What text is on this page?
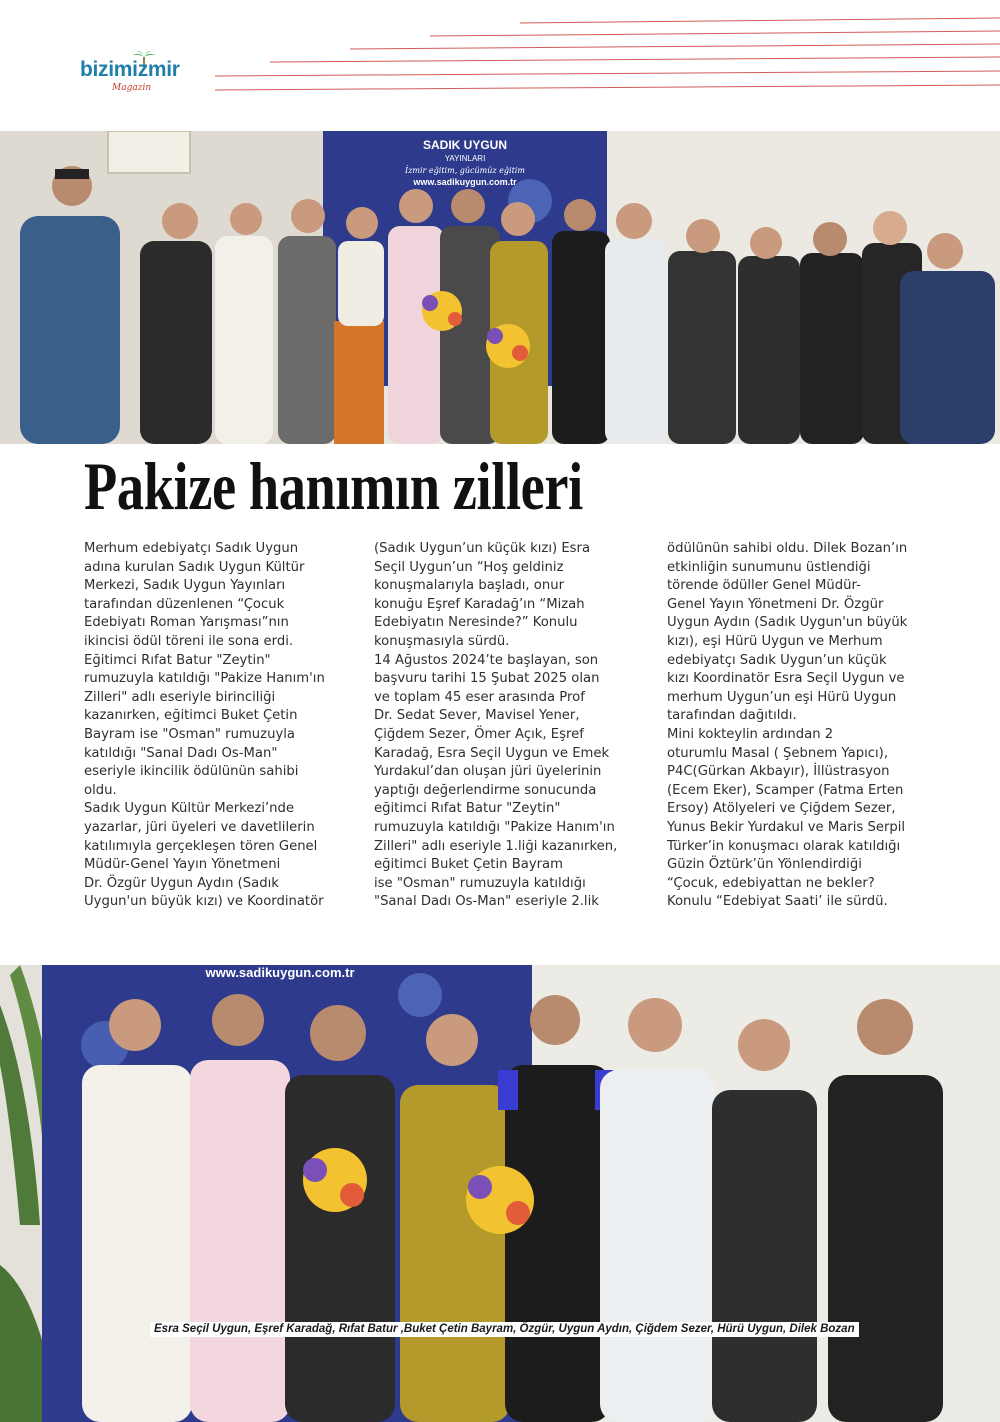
bizimizmir
Magazin
SADIK UYGUN
YAYINLARI
İzmir eğitim, gücümüz eğitim
www.sadikuygun.com.tr
Pakize hanımın zilleri
Merhum edebiyatçı Sadık Uygun
adına kurulan Sadık Uygun Kültür
Merkezi, Sadık Uygun Yayınları
tarafından düzenlenen “Çocuk
Edebiyatı Roman Yarışması”nın
ikincisi ödül töreni ile sona erdi.
Eğitimci Rıfat Batur "Zeytin"
rumuzuyla katıldığı "Pakize Hanım'ın
Zilleri" adlı eseriyle birinciliği
kazanırken, eğitimci Buket Çetin
Bayram ise "Osman" rumuzuyla
katıldığı "Sanal Dadı Os-Man"
eseriyle ikincilik ödülünün sahibi
oldu.
Sadık Uygun Kültür Merkezi’nde
yazarlar, jüri üyeleri ve davetlilerin
katılımıyla gerçekleşen tören Genel
Müdür-Genel Yayın Yönetmeni
Dr. Özgür Uygun Aydın (Sadık
Uygun'un büyük kızı) ve Koordinatör
(Sadık Uygun’un küçük kızı) Esra
Seçil Uygun’un “Hoş geldiniz
konuşmalarıyla başladı, onur
konuğu Eşref Karadağ’ın “Mizah
Edebiyatın Neresinde?” Konulu
konuşmasıyla sürdü.
14 Ağustos 2024’te başlayan, son
başvuru tarihi 15 Şubat 2025 olan
ve toplam 45 eser arasında Prof
Dr. Sedat Sever, Mavisel Yener,
Çiğdem Sezer, Ömer Açık, Eşref
Karadağ, Esra Seçil Uygun ve Emek
Yurdakul’dan oluşan jüri üyelerinin
yaptığı değerlendirme sonucunda
eğitimci Rıfat Batur "Zeytin"
rumuzuyla katıldığı "Pakize Hanım'ın
Zilleri" adlı eseriyle 1.liği kazanırken,
eğitimci Buket Çetin Bayram
ise "Osman" rumuzuyla katıldığı
"Sanal Dadı Os-Man" eseriyle 2.lik
ödülünün sahibi oldu. Dilek Bozan’ın
etkinliğin sunumunu üstlendiği
törende ödüller Genel Müdür-
Genel Yayın Yönetmeni Dr. Özgür
Uygun Aydın (Sadık Uygun'un büyük
kızı), eşi Hürü Uygun ve Merhum
edebiyatçı Sadık Uygun’un küçük
kızı Koordinatör Esra Seçil Uygun ve
merhum Uygun’un eşi Hürü Uygun
tarafından dağıtıldı.
Mini kokteylin ardından 2
oturumlu Masal ( Şebnem Yapıcı),
P4C(Gürkan Akbayır), İllüstrasyon
(Ecem Eker), Scamper (Fatma Erten
Ersoy) Atölyeleri ve Çiğdem Sezer,
Yunus Bekir Yurdakul ve Maris Serpil
Türker’in konuşmacı olarak katıldığı
Güzin Öztürk’ün Yönlendirdiği
“Çocuk, edebiyattan ne bekler?
Konulu “Edebiyat Saati’ ile sürdü.
www.sadikuygun.com.tr
Esra Seçil Uygun, Eşref Karadağ, Rıfat Batur ,Buket Çetin Bayram, Özgür, Uygun Aydın, Çiğdem Sezer, Hürü Uygun, Dilek Bozan
